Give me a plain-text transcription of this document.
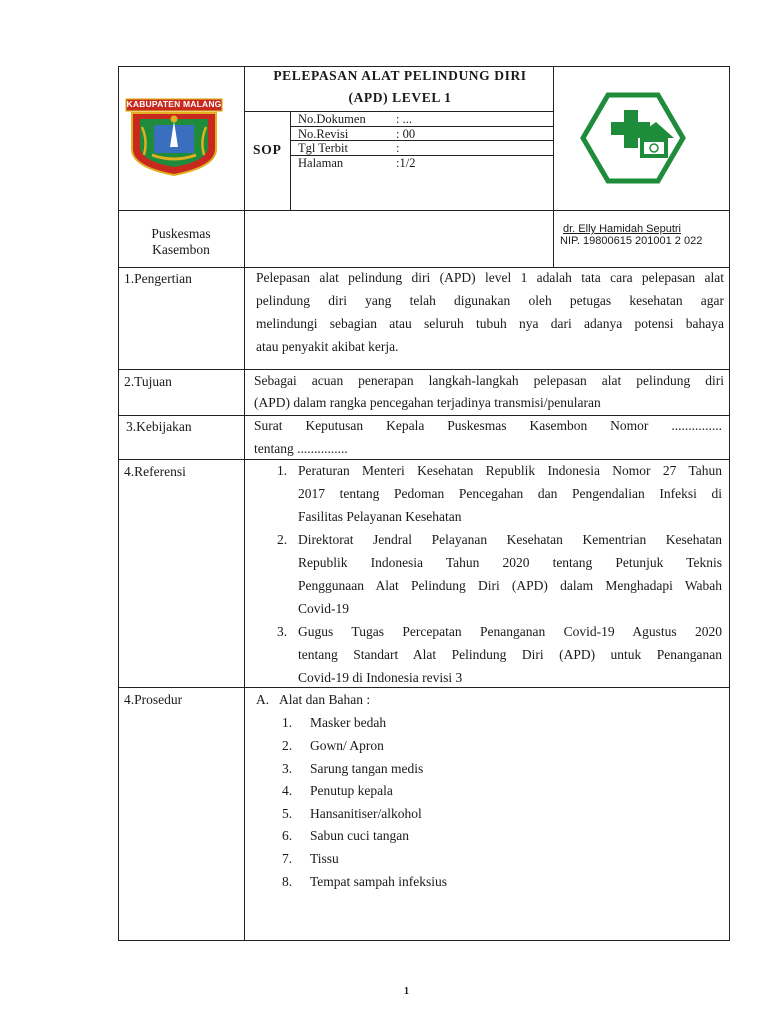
KABUPATEN MALANG
PELEPASAN ALAT PELINDUNG DIRI
(APD) LEVEL 1
SOP
No.Dokumen : ...
No.Revisi	: 00
Tgl Terbit	:
Halaman	:1/2
Puskesmas
Kasembon
dr. Elly Hamidah Seputri
NIP. 19800615 201001 2 022
1.Pengertian	Pelepasan alat pelindung diri (APD) level 1 adalah tata cara pelepasan alat
pelindung diri yang telah digunakan oleh petugas kesehatan agar
melindungi sebagian atau seluruh tubuh nya dari adanya potensi bahaya
atau penyakit akibat kerja.
2.Tujuan	Sebagai acuan penerapan langkah-langkah pelepasan alat pelindung diri
(APD) dalam rangka pencegahan terjadinya transmisi/penularan
3.Kebijakan	Surat Keputusan Kepala Puskesmas Kasembon Nomor ...............
tentang ...............
4.Referensi	1. Peraturan Menteri Kesehatan Republik Indonesia Nomor 27 Tahun
2017 tentang Pedoman Pencegahan dan Pengendalian Infeksi di
Fasilitas Pelayanan Kesehatan
2. Direktorat Jendral Pelayanan Kesehatan Kementrian Kesehatan
Republik Indonesia Tahun 2020 tentang Petunjuk Teknis
Penggunaan Alat Pelindung Diri (APD) dalam Menghadapi Wabah
Covid-19
3. Gugus Tugas Percepatan Penanganan Covid-19 Agustus 2020
tentang Standart Alat Pelindung Diri (APD) untuk Penanganan
Covid-19 di Indonesia revisi 3
4.Prosedur	A. Alat dan Bahan :
1. Masker bedah
2. Gown/ Apron
3. Sarung tangan medis
4. Penutup kepala
5. Hansanitiser/alkohol
6. Sabun cuci tangan
7. Tissu
8. Tempat sampah infeksius
1
